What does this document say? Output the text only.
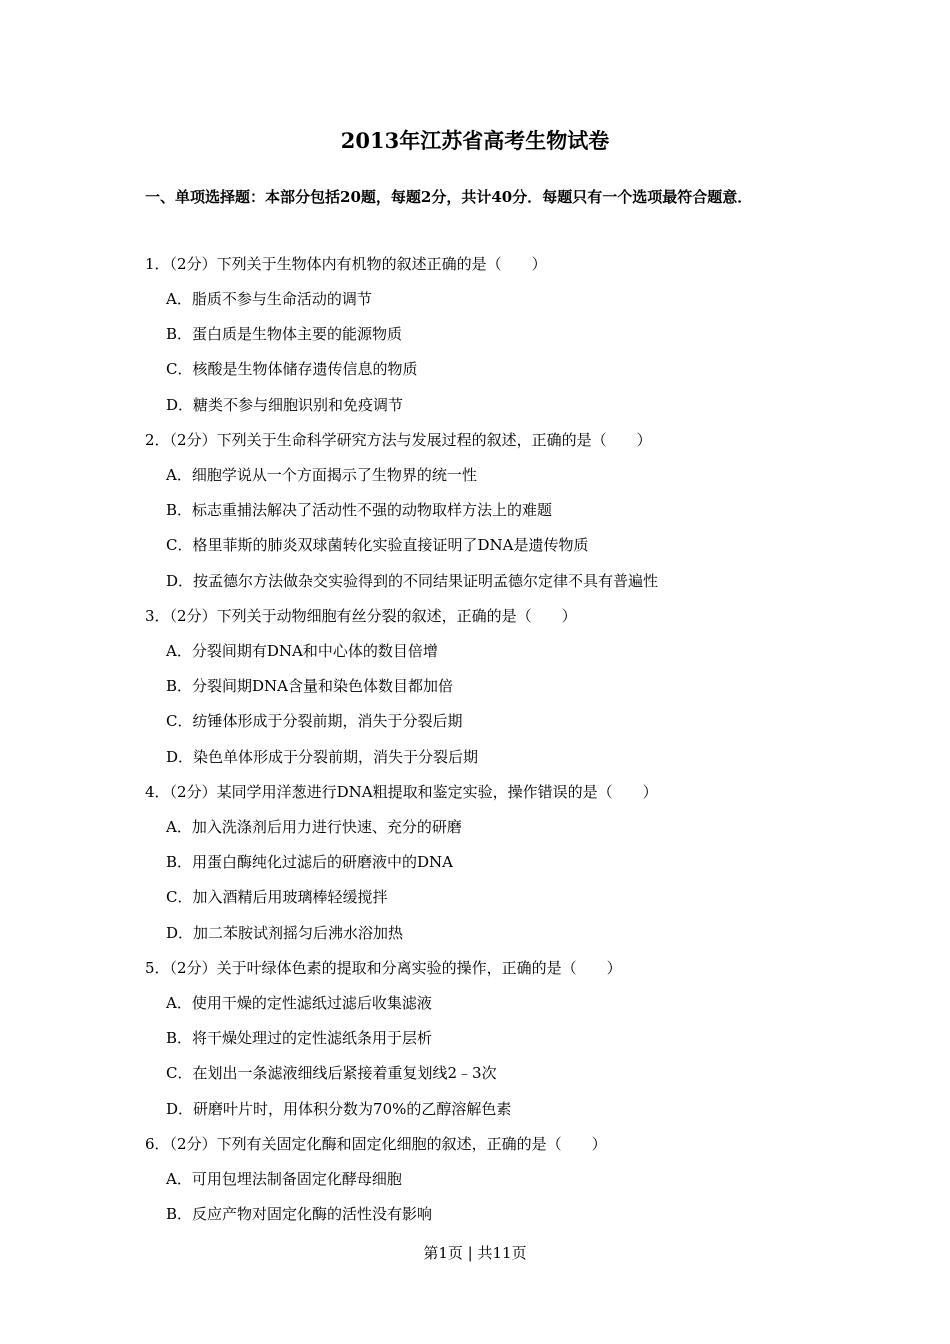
2013年江苏省高考生物试卷
一、单项选择题：本部分包括20题，每题2分，共计40分．每题只有一个选项最符合题意．
1．（2分）下列关于生物体内有机物的叙述正确的是（　　）
A．脂质不参与生命活动的调节
B．蛋白质是生物体主要的能源物质
C．核酸是生物体储存遗传信息的物质
D．糖类不参与细胞识别和免疫调节
2．（2分）下列关于生命科学研究方法与发展过程的叙述，正确的是（　　）
A．细胞学说从一个方面揭示了生物界的统一性
B．标志重捕法解决了活动性不强的动物取样方法上的难题
C．格里菲斯的肺炎双球菌转化实验直接证明了DNA是遗传物质
D．按孟德尔方法做杂交实验得到的不同结果证明孟德尔定律不具有普遍性
3．（2分）下列关于动物细胞有丝分裂的叙述，正确的是（　　）
A．分裂间期有DNA和中心体的数目倍增
B．分裂间期DNA含量和染色体数目都加倍
C．纺锤体形成于分裂前期，消失于分裂后期
D．染色单体形成于分裂前期，消失于分裂后期
4．（2分）某同学用洋葱进行DNA粗提取和鉴定实验，操作错误的是（　　）
A．加入洗涤剂后用力进行快速、充分的研磨
B．用蛋白酶纯化过滤后的研磨液中的DNA
C．加入酒精后用玻璃棒轻缓搅拌
D．加二苯胺试剂摇匀后沸水浴加热
5．（2分）关于叶绿体色素的提取和分离实验的操作，正确的是（　　）
A．使用干燥的定性滤纸过滤后收集滤液
B．将干燥处理过的定性滤纸条用于层析
C．在划出一条滤液细线后紧接着重复划线2﹣3次
D．研磨叶片时，用体积分数为70%的乙醇溶解色素
6．（2分）下列有关固定化酶和固定化细胞的叙述，正确的是（　　）
A．可用包埋法制备固定化酵母细胞
B．反应产物对固定化酶的活性没有影响
第1页 | 共11页
